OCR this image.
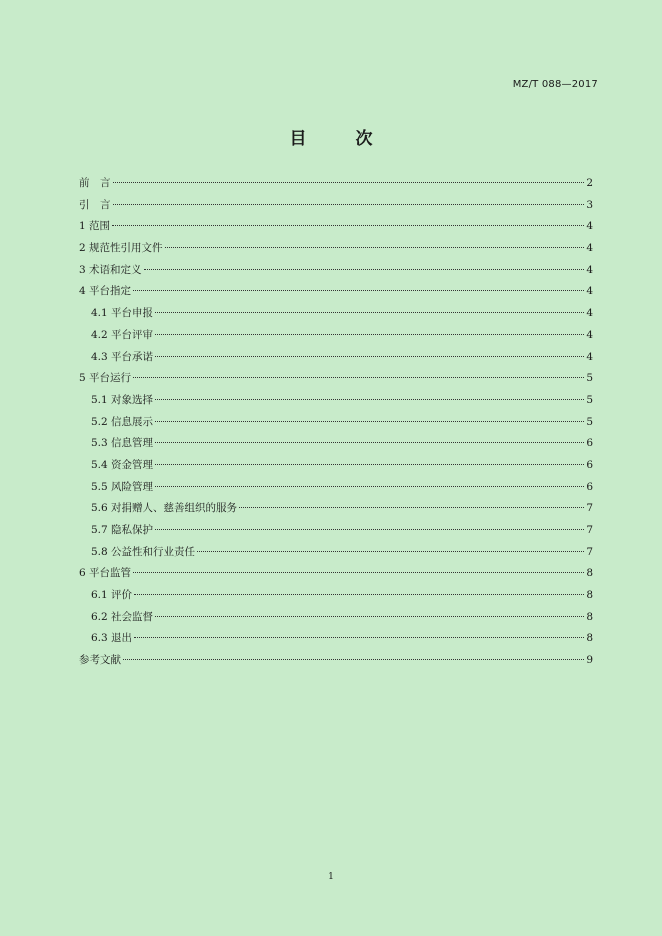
MZ/T 088—2017
目　次
前　言	2
引　言	3
1 范围	4
2 规范性引用文件	4
3 术语和定义	4
4 平台指定	4
4.1 平台申报	4
4.2 平台评审	4
4.3 平台承诺	4
5 平台运行	5
5.1 对象选择	5
5.2 信息展示	5
5.3 信息管理	6
5.4 资金管理	6
5.5 风险管理	6
5.6 对捐赠人、慈善组织的服务	7
5.7 隐私保护	7
5.8 公益性和行业责任	7
6 平台监管	8
6.1 评价	8
6.2 社会监督	8
6.3 退出	8
参考文献	9
1
